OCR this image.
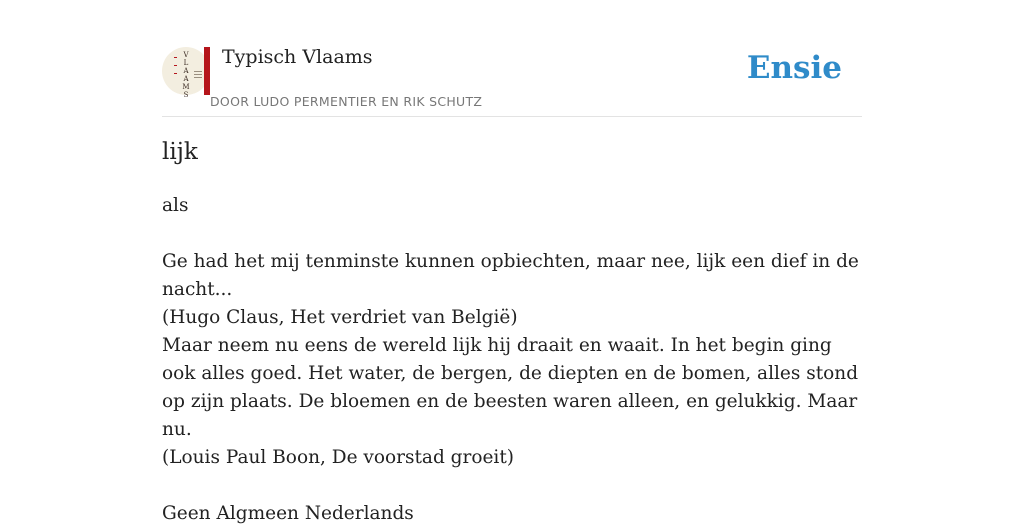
V
L
A
A
M
S
Typisch Vlaams
DOOR LUDO PERMENTIER EN RIK SCHUTZ
Ensie
lijk

als

Ge had het mij tenminste kunnen opbiechten, maar nee, lijk een dief in de nacht...

(Hugo Claus, Het verdriet van België)

Maar neem nu eens de wereld lijk hij draait en waait. In het begin ging ook alles goed. Het water, de bergen, de diepten en de bomen, alles stond op zijn plaats. De bloemen en de beesten waren alleen, en gelukkig. Maar nu.

(Louis Paul Boon, De voorstad groeit)

Geen Algmeen Nederlands
